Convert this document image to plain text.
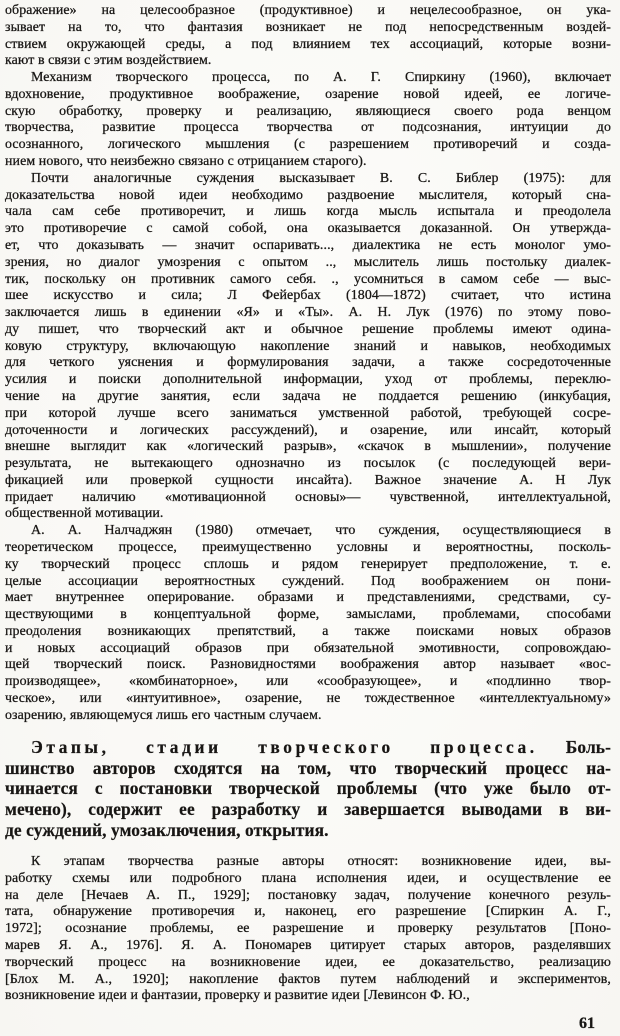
ображение» на целесообразное (продуктивное) и нецелесообразное, он ука-
зывает на то, что фантазия возникает не под непосредственным воздей-
ствием окружающей среды, а под влиянием тех ассоциаций, которые возни-
кают в связи с этим воздействием.
Механизм творческого процесса, по А. Г. Спиркину (1960), включает
вдохновение, продуктивное воображение, озарение новой идеей, ее логиче-
скую обработку, проверку и реализацию, являющиеся своего рода венцом
творчества, развитие процесса творчества от подсознания, интуиции до
осознанного, логического мышления (с разрешением противоречий и созда-
нием нового, что неизбежно связано с отрицанием старого).
Почти аналогичные суждения высказывает В. С. Библер (1975): для
доказательства новой идеи необходимо раздвоение мыслителя, который сна-
чала сам себе противоречит, и лишь когда мысль испытала и преодолела
это противоречие с самой собой, она оказывается доказанной. Он утвержда-
ет, что доказывать — значит оспаривать..., диалектика не есть монолог умо-
зрения, но диалог умозрения с опытом .., мыслитель лишь постольку диалек-
тик, поскольку он противник самого себя. ., усомниться в самом себе — выс-
шее искусство и сила; Л Фейербах (1804—1872) считает, что истина
заключается лишь в единении «Я» и «Ты». А. Н. Лук (1976) по этому пово-
ду пишет, что творческий акт и обычное решение проблемы имеют одина-
ковую структуру, включающую накопление знаний и навыков, необходимых
для четкого уяснения и формулирования задачи, а также сосредоточенные
усилия и поиски дополнительной информации, уход от проблемы, переклю-
чение на другие занятия, если задача не поддается решению (инкубация,
при которой лучше всего заниматься умственной работой, требующей сосре-
доточенности и логических рассуждений), и озарение, или инсайт, который
внешне выглядит как «логический разрыв», «скачок в мышлении», получение
результата, не вытекающего однозначно из посылок (с последующей вери-
фикацией или проверкой сущности инсайта). Важное значение А. Н Лук
придает наличию «мотивационной основы»— чувственной, интеллектуальной,
общественной мотивации.
А. А. Налчаджян (1980) отмечает, что суждения, осуществляющиеся в
теоретическом процессе, преимущественно условны и вероятностны, посколь-
ку творческий процесс сплошь и рядом генерирует предположение, т. е.
целые ассоциации вероятностных суждений. Под воображением он пони-
мает внутреннее оперирование. образами и представлениями, средствами, су-
ществующими в концептуальной форме, замыслами, проблемами, способами
преодоления возникающих препятствий, а также поисками новых образов
и новых ассоциаций образов при обязательной эмотивности, сопровождаю-
щей творческий поиск. Разновидностями воображения автор называет «вос-
производящее», «комбинаторное», или «сообразующее», и «подлинно твор-
ческое», или «интуитивное», озарение, не тождественное «интеллектуальному»
озарению, являющемуся лишь его частным случаем.
Этапы, стадии творческого процесса. Боль-
шинство авторов сходятся на том, что творческий процесс на-
чинается с постановки творческой проблемы (что уже было от-
мечено), содержит ее разработку и завершается выводами в ви-
де суждений, умозаключения, открытия.
К этапам творчества разные авторы относят: возникновение идеи, вы-
работку схемы или подробного плана исполнения идеи, и осуществление ее
на деле [Нечаев А. П., 1929]; постановку задач, получение конечного резуль-
тата, обнаружение противоречия и, наконец, его разрешение [Спиркин А. Г.,
1972]; осознание проблемы, ее разрешение и проверку результатов [Поно-
марев Я. А., 1976]. Я. А. Пономарев цитирует старых авторов, разделявших
творческий процесс на возникновение идеи, ее доказательство, реализацию
[Блох М. А., 1920]; накопление фактов путем наблюдений и экспериментов,
возникновение идеи и фантазии, проверку и развитие идеи [Левинсон Ф. Ю.,
61
